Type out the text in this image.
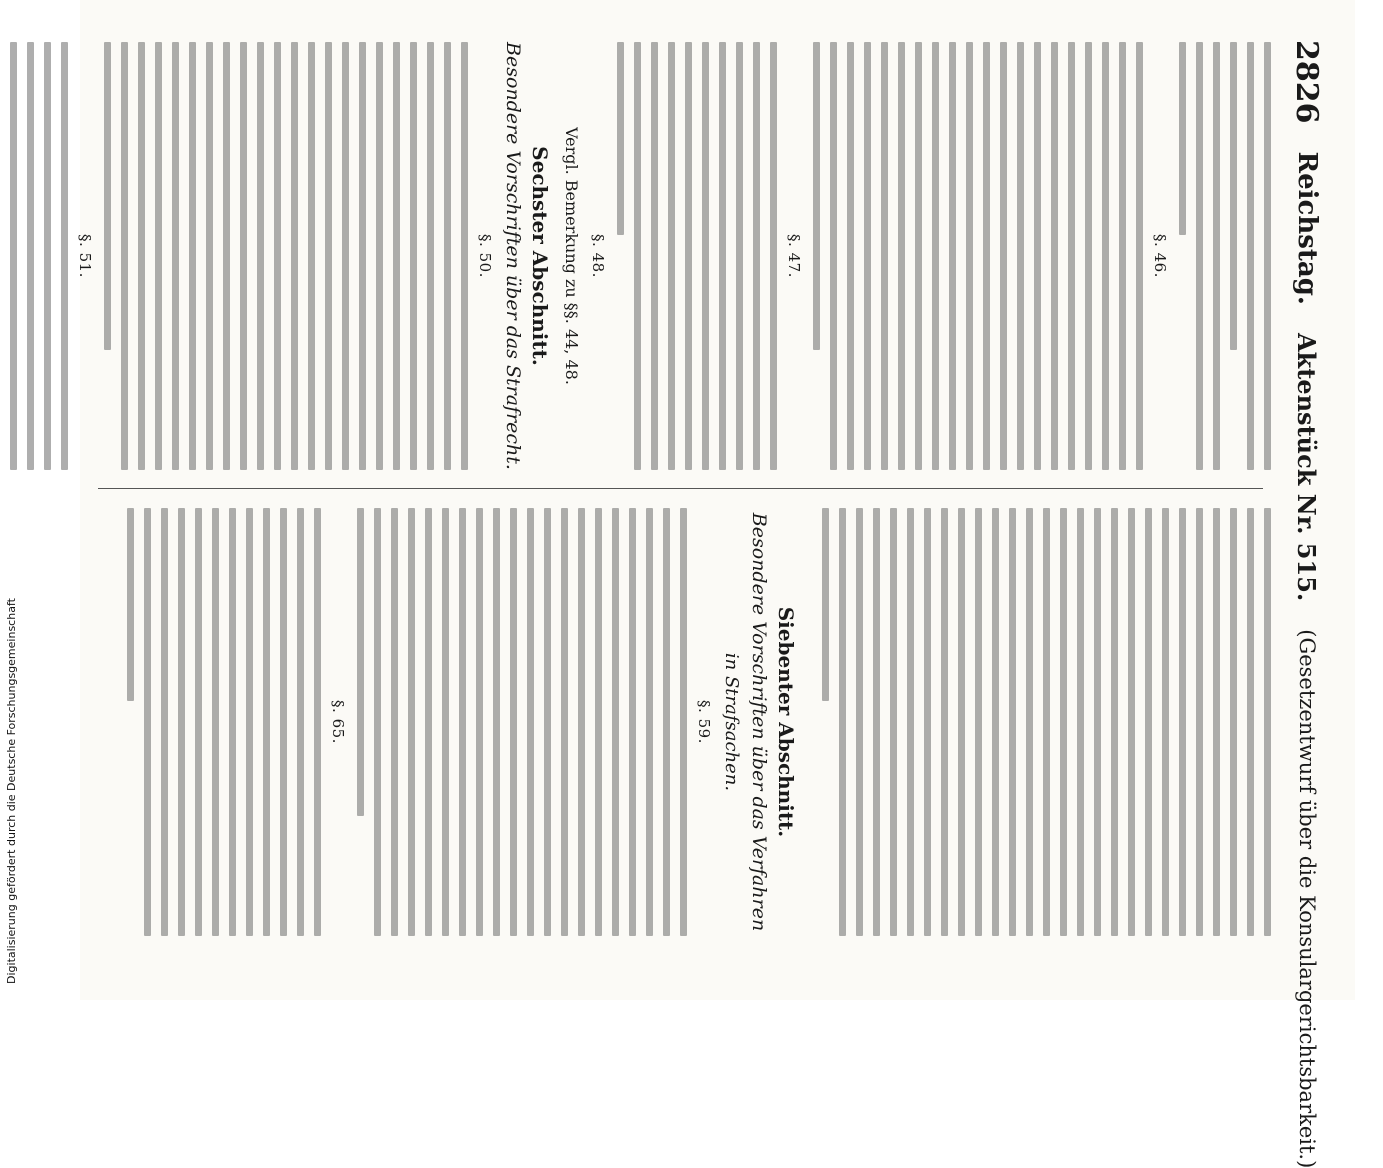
2826
Reichstag.
Aktenstück Nr. 515.
(Gesetzentwurf über die Konsulargerichtsbarkeit.)
§. 46.
§. 47.
§. 48.
Vergl. Bemerkung zu §§. 44, 48.
Sechster Abschnitt.
Besondere Vorschriften über das Strafrecht.
§. 50.
§. 51.
Siebenter Abschnitt.
Besondere Vorschriften über das Verfahren
in Strafsachen.
§. 59.
§. 65.
Digitalisierung gefördert durch die Deutsche Forschungsgemeinschaft
